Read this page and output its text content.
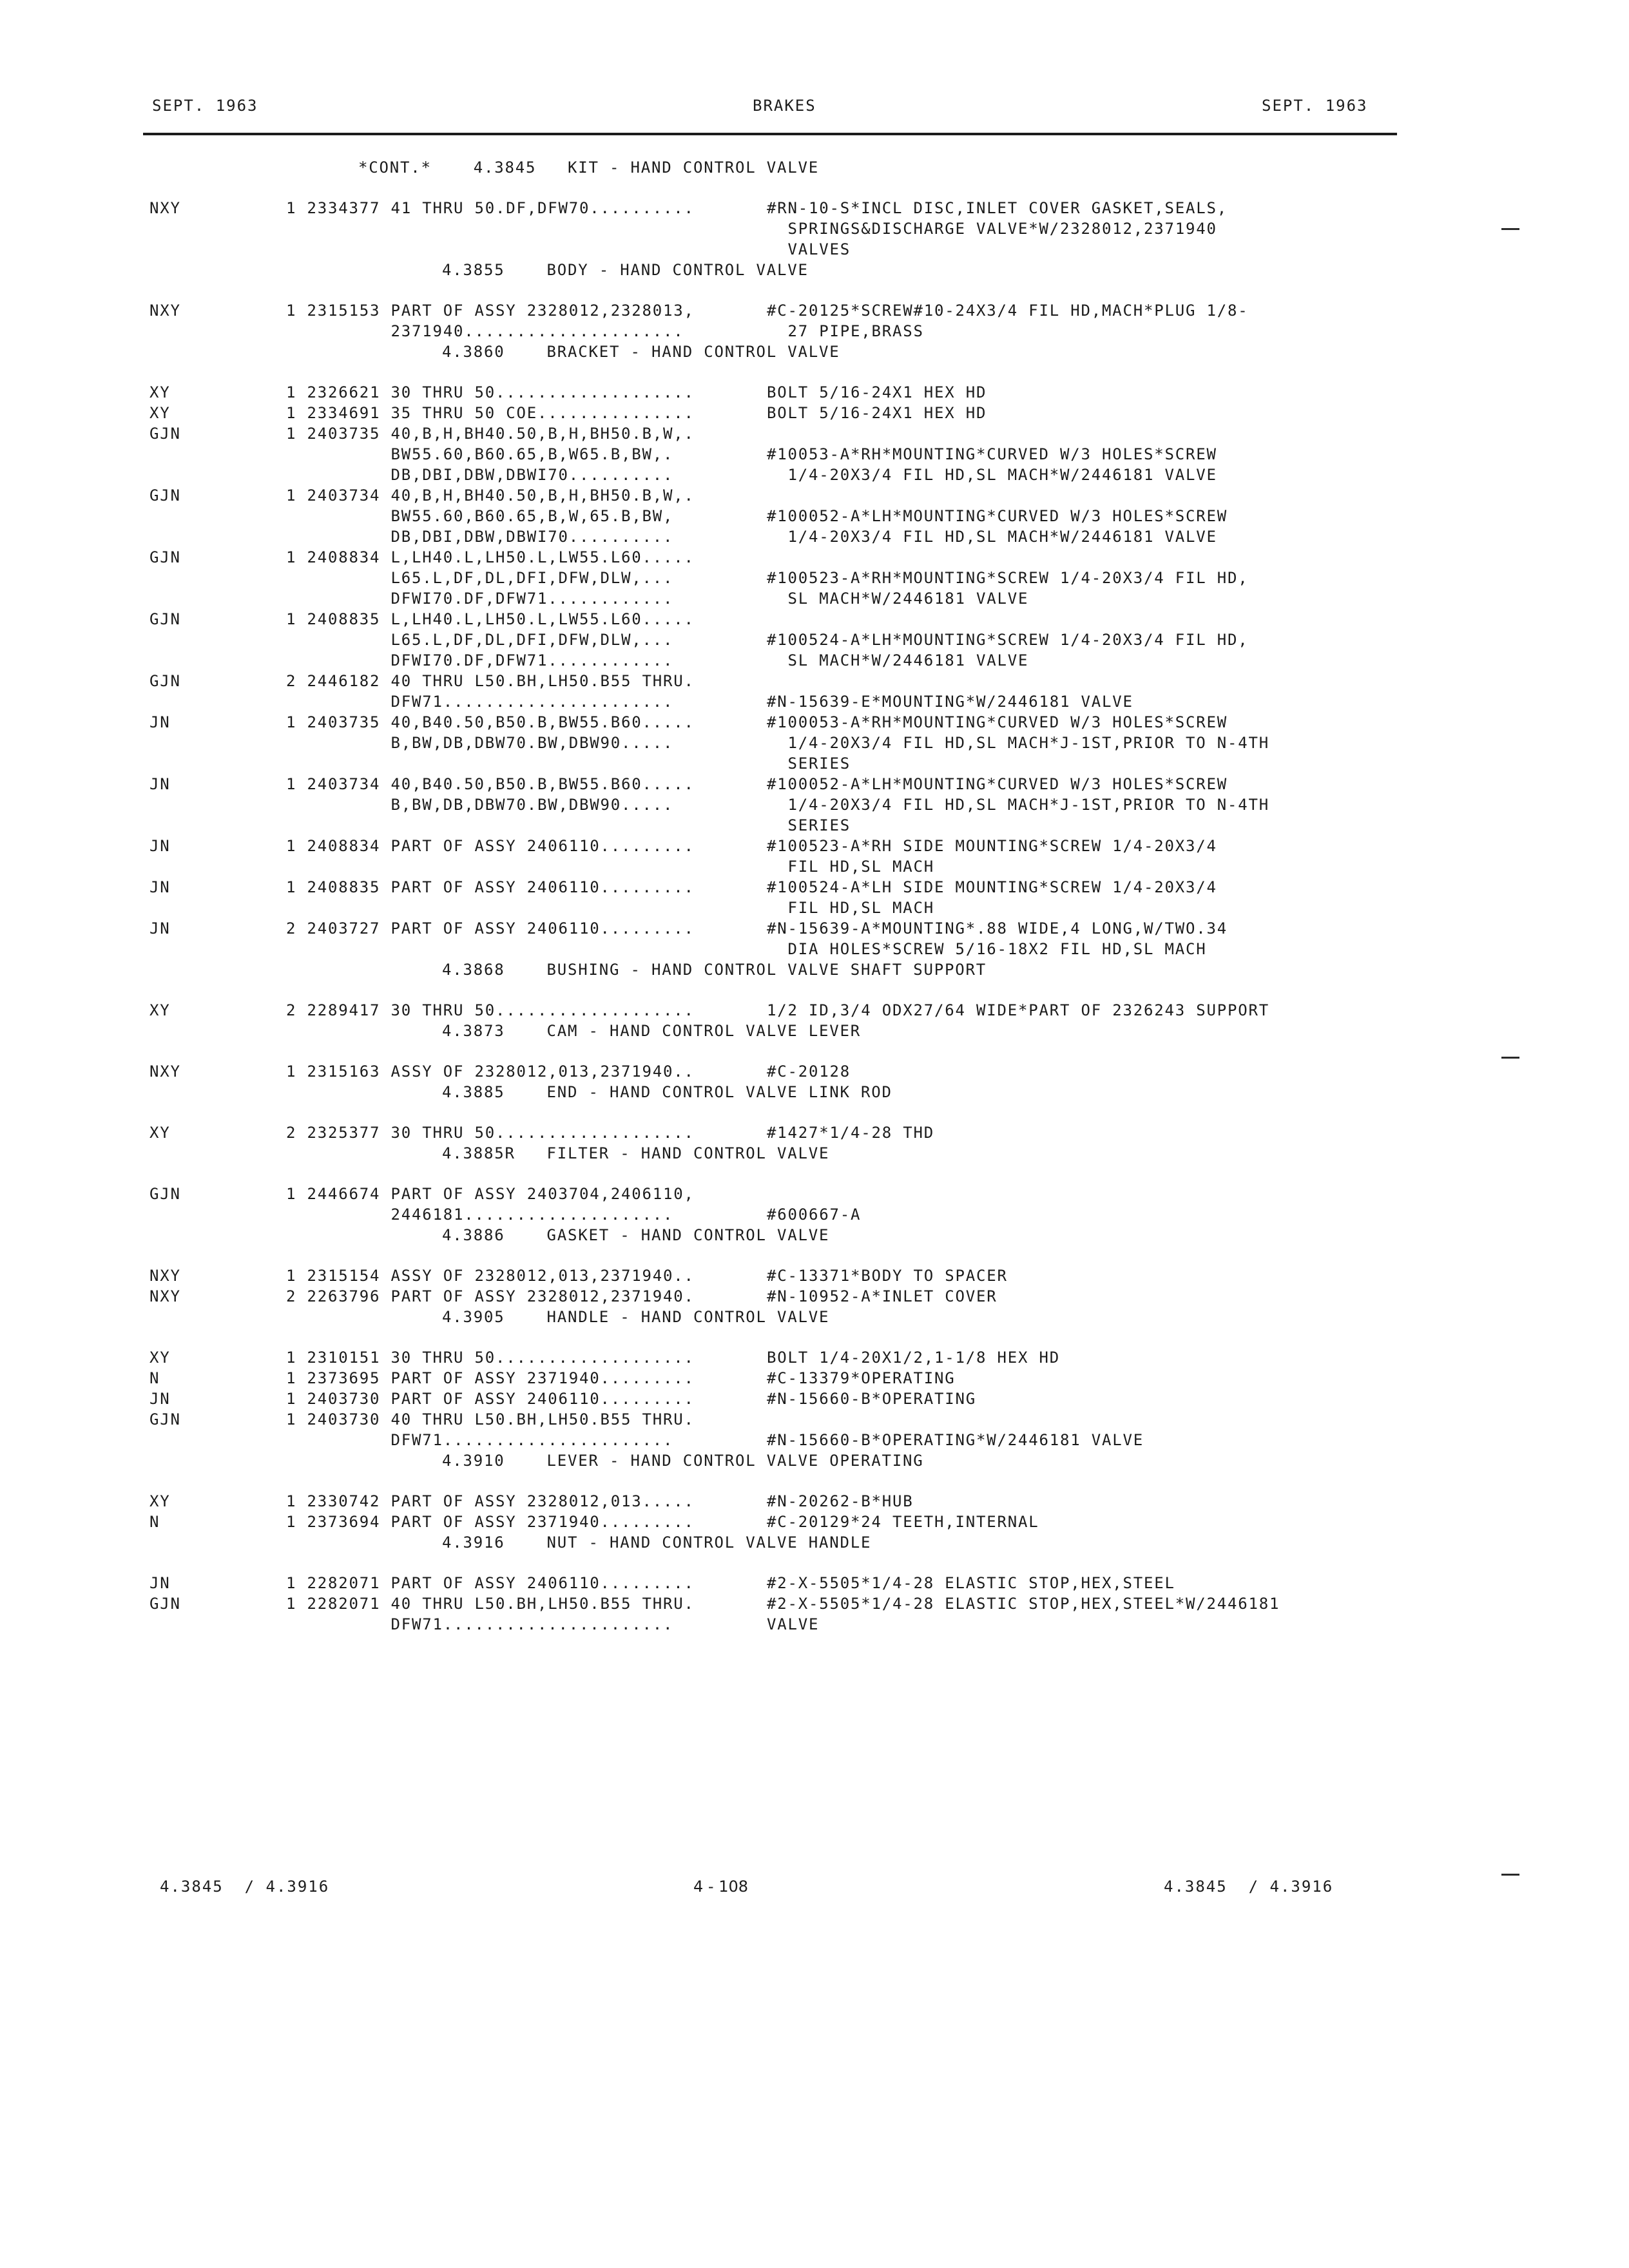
SEPT. 1963	BRAKES	SEPT. 1963
*CONT.*    4.3845   KIT - HAND CONTROL VALVE
NXY	1 2334377 41 THRU 50.DF,DFW70..........	#RN-10-S*INCL DISC,INLET COVER GASKET,SEALS,
SPRINGS&DISCHARGE VALVE*W/2328012,2371940
VALVES
4.3855    BODY - HAND CONTROL VALVE
NXY	1 2315153 PART OF ASSY 2328012,2328013,	#C-20125*SCREW#10-24X3/4 FIL HD,MACH*PLUG 1/8-
2371940.....................	27 PIPE,BRASS
4.3860    BRACKET - HAND CONTROL VALVE
XY	1 2326621 30 THRU 50...................	BOLT 5/16-24X1 HEX HD
XY	1 2334691 35 THRU 50 COE...............	BOLT 5/16-24X1 HEX HD
GJN	1 2403735 40,B,H,BH40.50,B,H,BH50.B,W,.
BW55.60,B60.65,B,W65.B,BW,.	#10053-A*RH*MOUNTING*CURVED W/3 HOLES*SCREW
DB,DBI,DBW,DBWI70..........	1/4-20X3/4 FIL HD,SL MACH*W/2446181 VALVE
GJN	1 2403734 40,B,H,BH40.50,B,H,BH50.B,W,.
BW55.60,B60.65,B,W,65.B,BW,	#100052-A*LH*MOUNTING*CURVED W/3 HOLES*SCREW
DB,DBI,DBW,DBWI70..........	1/4-20X3/4 FIL HD,SL MACH*W/2446181 VALVE
GJN	1 2408834 L,LH40.L,LH50.L,LW55.L60.....
L65.L,DF,DL,DFI,DFW,DLW,...	#100523-A*RH*MOUNTING*SCREW 1/4-20X3/4 FIL HD,
DFWI70.DF,DFW71............	SL MACH*W/2446181 VALVE
GJN	1 2408835 L,LH40.L,LH50.L,LW55.L60.....
L65.L,DF,DL,DFI,DFW,DLW,...	#100524-A*LH*MOUNTING*SCREW 1/4-20X3/4 FIL HD,
DFWI70.DF,DFW71............	SL MACH*W/2446181 VALVE
GJN	2 2446182 40 THRU L50.BH,LH50.B55 THRU.
DFW71......................	#N-15639-E*MOUNTING*W/2446181 VALVE
JN	1 2403735 40,B40.50,B50.B,BW55.B60.....	#100053-A*RH*MOUNTING*CURVED W/3 HOLES*SCREW
B,BW,DB,DBW70.BW,DBW90.....	1/4-20X3/4 FIL HD,SL MACH*J-1ST,PRIOR TO N-4TH
SERIES
JN	1 2403734 40,B40.50,B50.B,BW55.B60.....	#100052-A*LH*MOUNTING*CURVED W/3 HOLES*SCREW
B,BW,DB,DBW70.BW,DBW90.....	1/4-20X3/4 FIL HD,SL MACH*J-1ST,PRIOR TO N-4TH
SERIES
JN	1 2408834 PART OF ASSY 2406110.........	#100523-A*RH SIDE MOUNTING*SCREW 1/4-20X3/4
FIL HD,SL MACH
JN	1 2408835 PART OF ASSY 2406110.........	#100524-A*LH SIDE MOUNTING*SCREW 1/4-20X3/4
FIL HD,SL MACH
JN	2 2403727 PART OF ASSY 2406110.........	#N-15639-A*MOUNTING*.88 WIDE,4 LONG,W/TWO.34
DIA HOLES*SCREW 5/16-18X2 FIL HD,SL MACH
4.3868    BUSHING - HAND CONTROL VALVE SHAFT SUPPORT
XY	2 2289417 30 THRU 50...................	1/2 ID,3/4 ODX27/64 WIDE*PART OF 2326243 SUPPORT
4.3873    CAM - HAND CONTROL VALVE LEVER
NXY	1 2315163 ASSY OF 2328012,013,2371940..	#C-20128
4.3885    END - HAND CONTROL VALVE LINK ROD
XY	2 2325377 30 THRU 50...................	#1427*1/4-28 THD
4.3885R   FILTER - HAND CONTROL VALVE
GJN	1 2446674 PART OF ASSY 2403704,2406110,
2446181....................	#600667-A
4.3886    GASKET - HAND CONTROL VALVE
NXY	1 2315154 ASSY OF 2328012,013,2371940..	#C-13371*BODY TO SPACER
NXY	2 2263796 PART OF ASSY 2328012,2371940.	#N-10952-A*INLET COVER
4.3905    HANDLE - HAND CONTROL VALVE
XY	1 2310151 30 THRU 50...................	BOLT 1/4-20X1/2,1-1/8 HEX HD
N	1 2373695 PART OF ASSY 2371940.........	#C-13379*OPERATING
JN	1 2403730 PART OF ASSY 2406110.........	#N-15660-B*OPERATING
GJN	1 2403730 40 THRU L50.BH,LH50.B55 THRU.
DFW71......................	#N-15660-B*OPERATING*W/2446181 VALVE
4.3910    LEVER - HAND CONTROL VALVE OPERATING
XY	1 2330742 PART OF ASSY 2328012,013.....	#N-20262-B*HUB
N	1 2373694 PART OF ASSY 2371940.........	#C-20129*24 TEETH,INTERNAL
4.3916    NUT - HAND CONTROL VALVE HANDLE
JN	1 2282071 PART OF ASSY 2406110.........	#2-X-5505*1/4-28 ELASTIC STOP,HEX,STEEL
GJN	1 2282071 40 THRU L50.BH,LH50.B55 THRU.	#2-X-5505*1/4-28 ELASTIC STOP,HEX,STEEL*W/2446181
DFW71......................	VALVE
4.3845  / 4.3916	4 - 108	4.3845  / 4.3916
